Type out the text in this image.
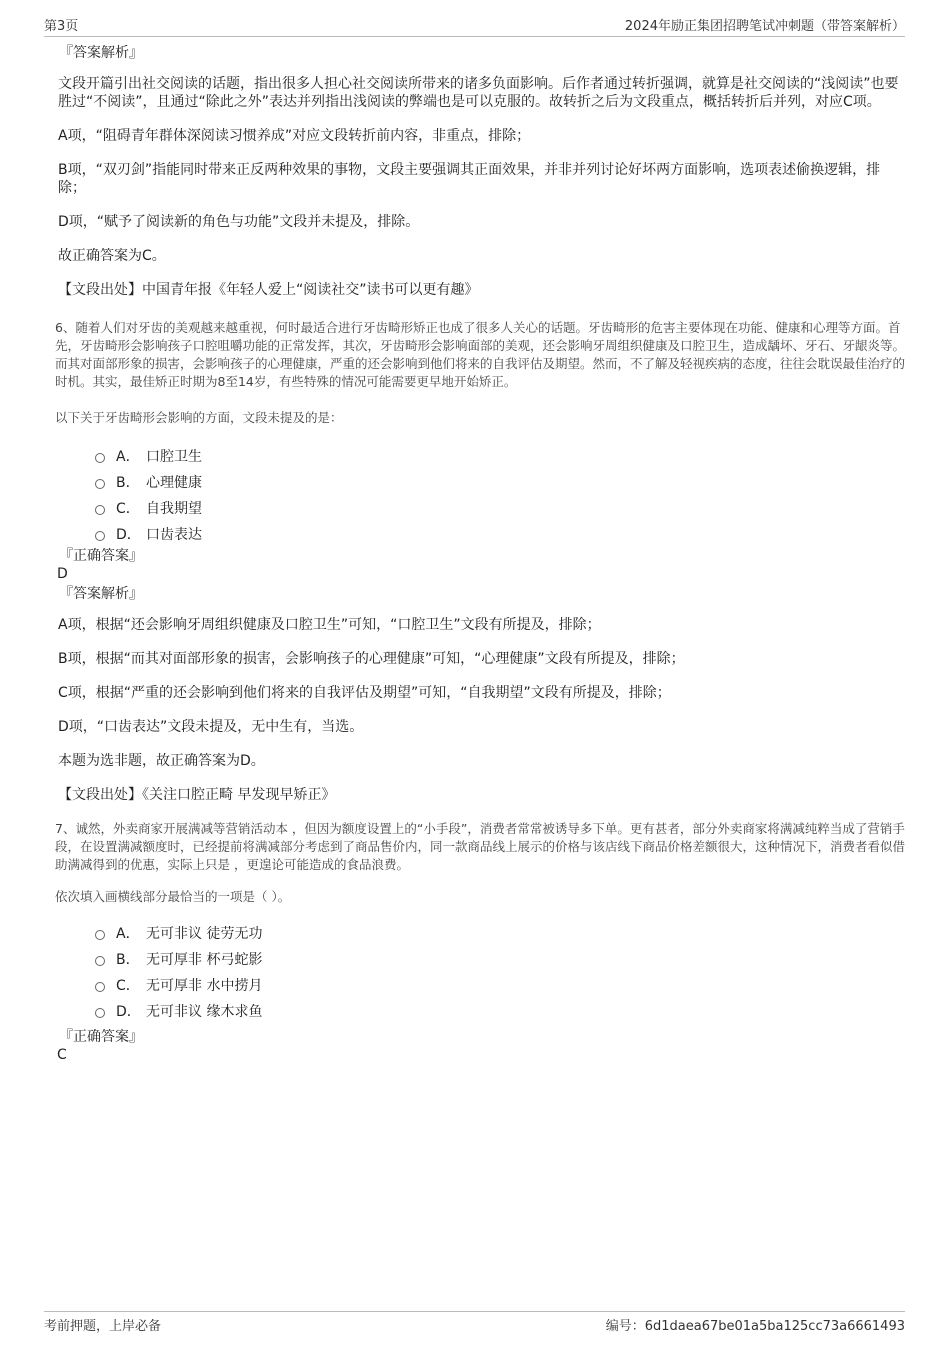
第3页	2024年励正集团招聘笔试冲刺题（带答案解析）

『答案解析』

文段开篇引出社交阅读的话题，指出很多人担心社交阅读所带来的诸多负面影响。后作者通过转折强调，就算是社交阅读的“浅阅读”也要胜过“不阅读”，且通过“除此之外”表达并列指出浅阅读的弊端也是可以克服的。故转折之后为文段重点，概括转折后并列，对应C项。

A项，“阻碍青年群体深阅读习惯养成”对应文段转折前内容，非重点，排除；

B项，“双刃剑”指能同时带来正反两种效果的事物，文段主要强调其正面效果，并非并列讨论好坏两方面影响，选项表述偷换逻辑，排除；

D项，“赋予了阅读新的角色与功能”文段并未提及，排除。

故正确答案为C。

【文段出处】中国青年报《年轻人爱上“阅读社交”读书可以更有趣》

6、随着人们对牙齿的美观越来越重视，何时最适合进行牙齿畸形矫正也成了很多人关心的话题。牙齿畸形的危害主要体现在功能、健康和心理等方面。首先，牙齿畸形会影响孩子口腔咀嚼功能的正常发挥，其次，牙齿畸形会影响面部的美观，还会影响牙周组织健康及口腔卫生，造成龋坏、牙石、牙龈炎等。而其对面部形象的损害，会影响孩子的心理健康，严重的还会影响到他们将来的自我评估及期望。然而，不了解及轻视疾病的态度，往往会耽误最佳治疗的时机。其实，最佳矫正时期为8至14岁，有些特殊的情况可能需要更早地开始矫正。

以下关于牙齿畸形会影响的方面，文段未提及的是：

A． 口腔卫生
B． 心理健康
C． 自我期望
D． 口齿表达

『正确答案』

D

『答案解析』

A项，根据“还会影响牙周组织健康及口腔卫生”可知，“口腔卫生”文段有所提及，排除；

B项，根据“而其对面部形象的损害，会影响孩子的心理健康”可知，“心理健康”文段有所提及，排除；

C项，根据“严重的还会影响到他们将来的自我评估及期望”可知，“自我期望”文段有所提及，排除；

D项，“口齿表达”文段未提及，无中生有，当选。

本题为选非题，故正确答案为D。

【文段出处】《关注口腔正畸 早发现早矫正》

7、诚然，外卖商家开展满减等营销活动本 ，但因为额度设置上的“小手段”，消费者常常被诱导多下单。更有甚者，部分外卖商家将满减纯粹当成了营销手段，在设置满减额度时，已经提前将满减部分考虑到了商品售价内，同一款商品线上展示的价格与该店线下商品价格差额很大，这种情况下，消费者看似借助满减得到的优惠，实际上只是 ，更遑论可能造成的食品浪费。

依次填入画横线部分最恰当的一项是（ ）。

A． 无可非议 徒劳无功
B． 无可厚非 杯弓蛇影
C． 无可厚非 水中捞月
D． 无可非议 缘木求鱼

『正确答案』

C

考前押题，上岸必备	编号：6d1daea67be01a5ba125cc73a6661493
